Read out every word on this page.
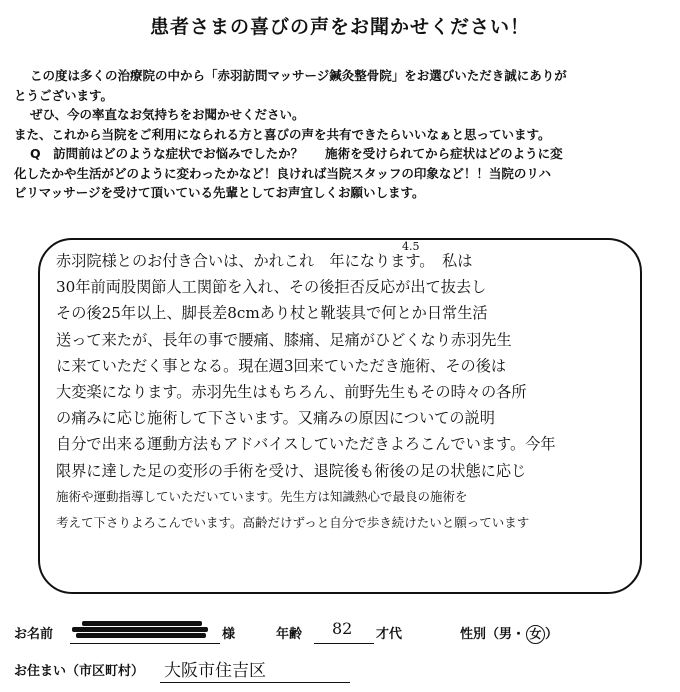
患者さまの喜びの声をお聞かせください！

この度は多くの治療院の中から「赤羽訪問マッサージ鍼灸整骨院」をお選びいただき誠にありが

とうございます。

ぜひ、今の率直なお気持ちをお聞かせください。

また、これから当院をご利用になられる方と喜びの声を共有できたらいいなぁと思っています。

Q　訪問前はどのような症状でお悩みでしたか？ 施術を受けられてから症状はどのように変

化したかや生活がどのように変わったかなど！良ければ当院スタッフの印象など！！当院のリハ

ビリマッサージを受けて頂いている先輩としてお声宜しくお願いします。

4.5
赤羽院様とのお付き合いは、かれこれ　年になります。　私は
30年前両股関節人工関節を入れ、その後拒否反応が出て抜去し
その後25年以上、脚長差8cmあり杖と靴装具で何とか日常生活
送って来たが、長年の事で腰痛、膝痛、足痛がひどくなり赤羽先生
に来ていただく事となる。現在週3回来ていただき施術、その後は
大変楽になります。赤羽先生はもちろん、前野先生もその時々の各所
の痛みに応じ施術して下さいます。又痛みの原因についての説明
自分で出来る運動方法もアドバイスしていただきよろこんでいます。今年
限界に達した足の変形の手術を受け、退院後も術後の足の状態に応じ
施術や運動指導していただいています。先生方は知識熱心で最良の施術を
考えて下さりよろこんでいます。高齢だけずっと自分で歩き続けたいと願っています
お名前	様	年齢 82 才代	性別（男・ 女 ）
お住まい（市区町村） 大阪市住吉区
